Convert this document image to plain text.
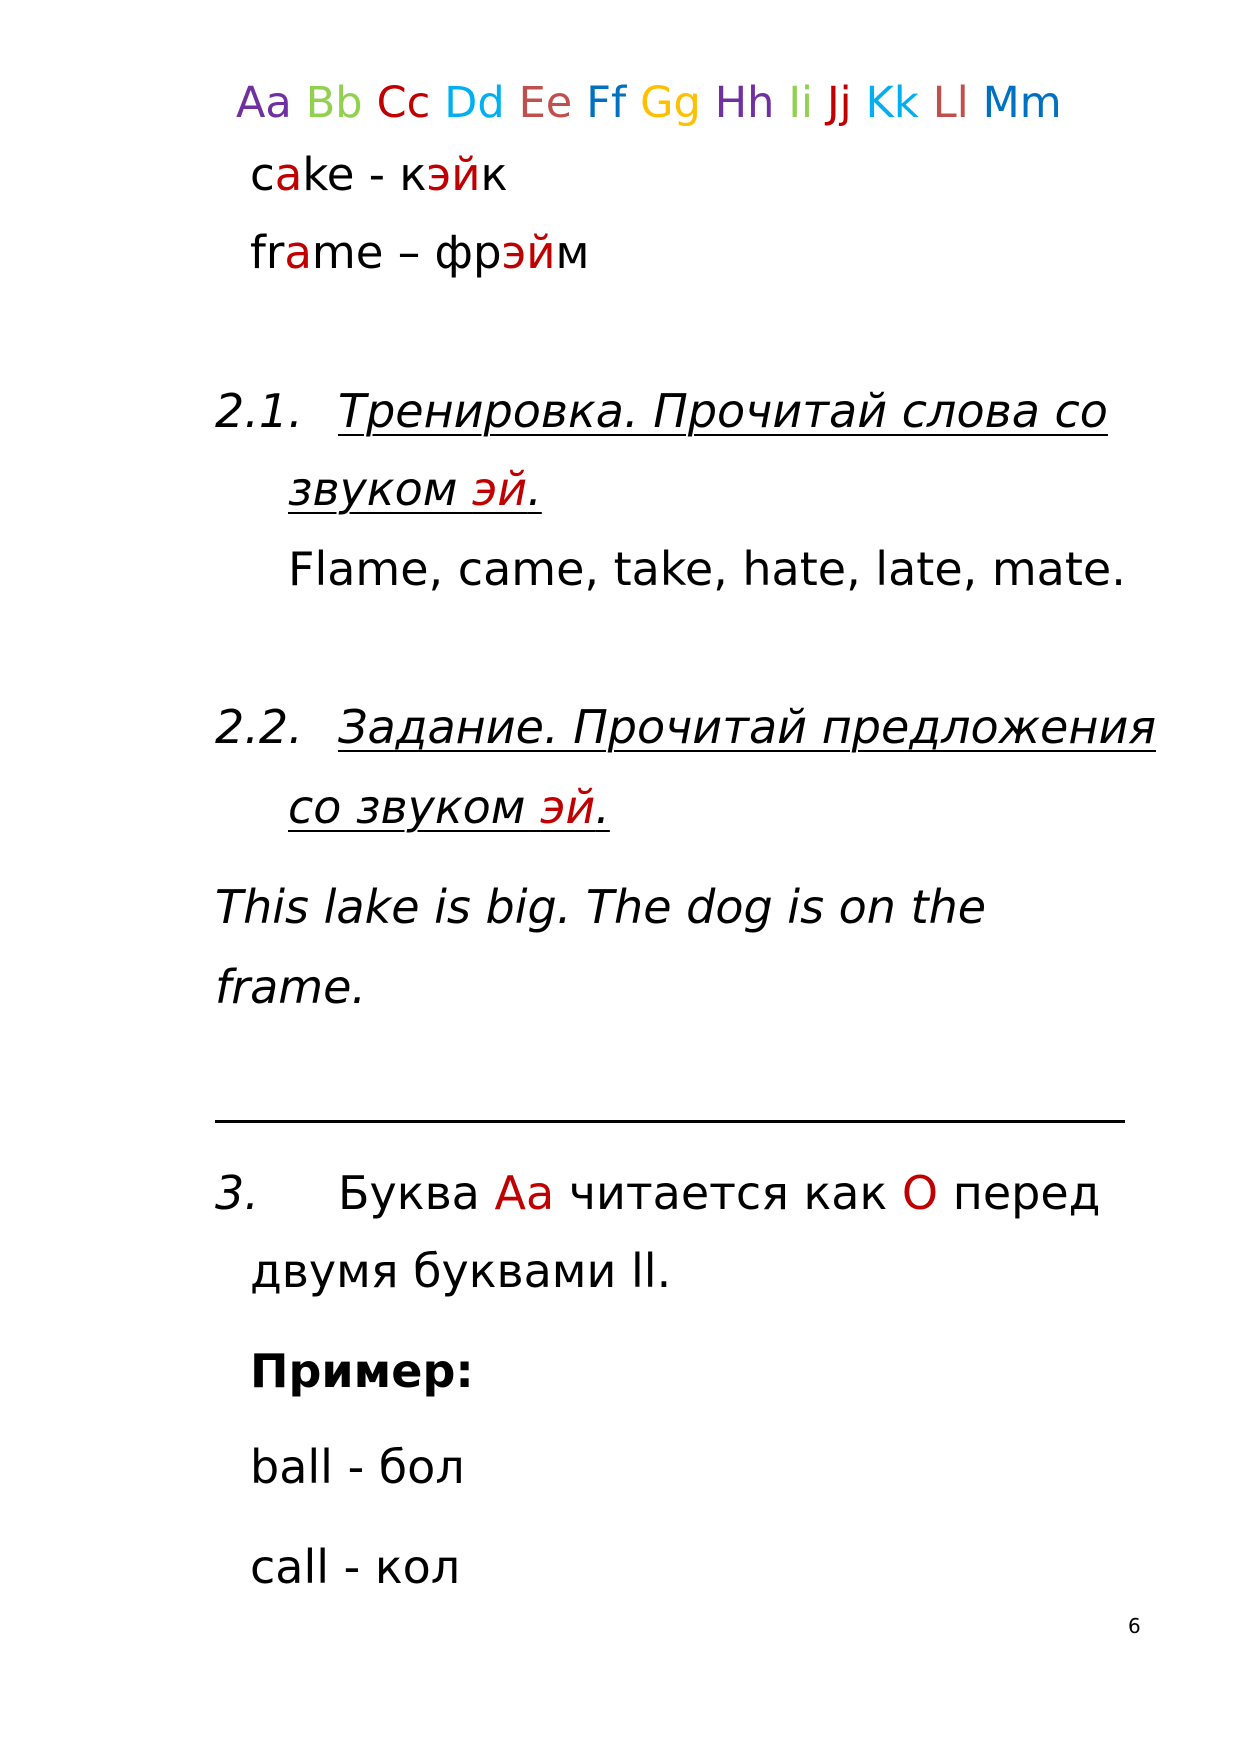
Aa Bb Cc Dd Ee Ff Gg Hh Ii Jj Kk Ll Mm
cake - кэйк
frame – фрэйм
2.1. Тренировка. Прочитай слова со
звуком эй.
Flame, came, take, hate, late, mate.
2.2. Задание. Прочитай предложения
со звуком эй.
This lake is big. The dog is on the
frame.
3. Буква Aa читается как O перед
двумя буквами ll.
Пример:
ball - бол
call - кол
6
